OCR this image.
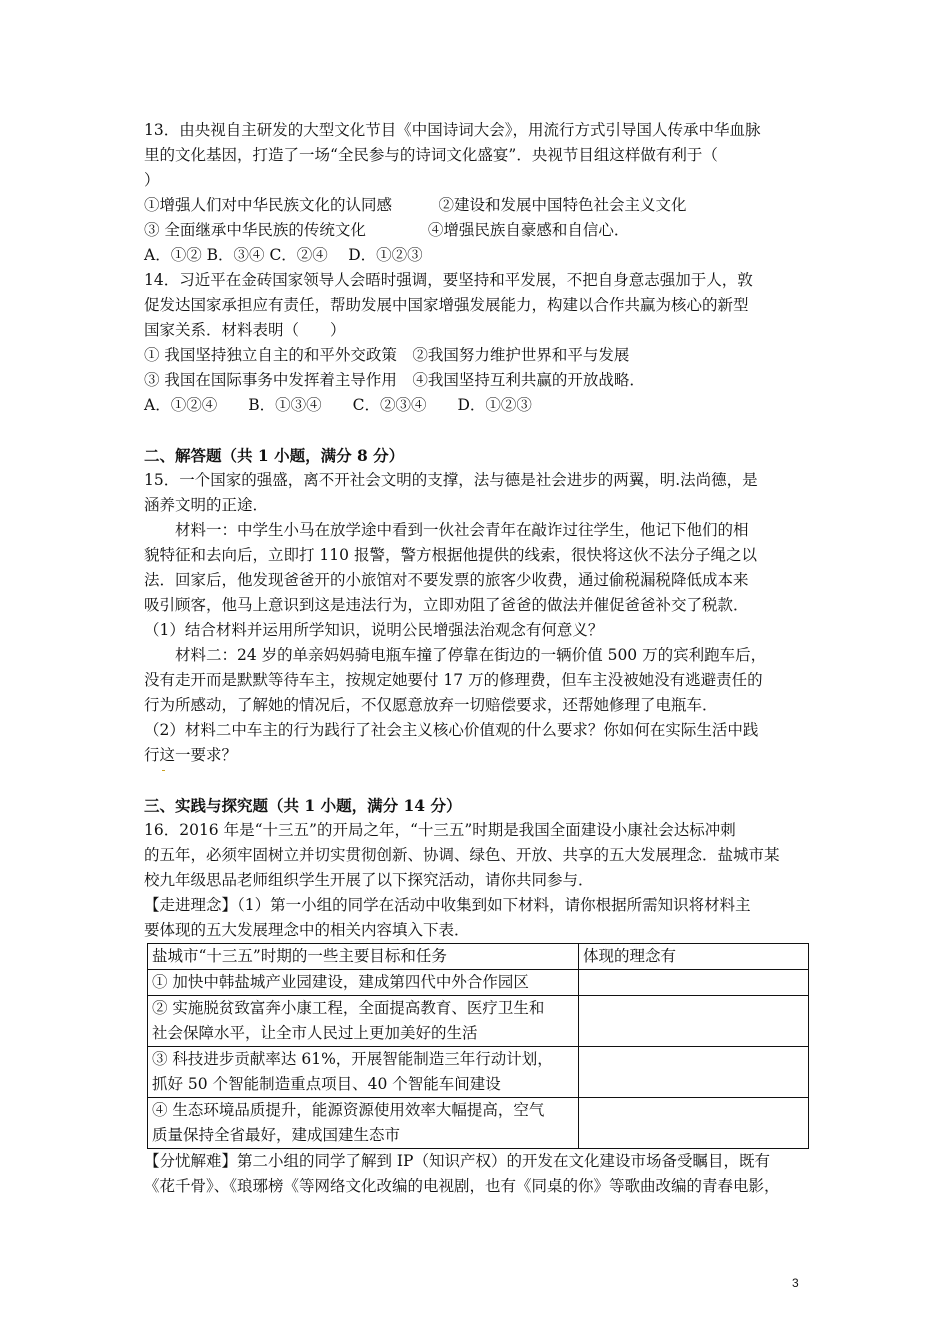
13．由央视自主研发的大型文化节目《中国诗词大会》，用流行方式引导国人传承中华血脉
里的文化基因，打造了一场“全民参与的诗词文化盛宴”．央视节目组这样做有利于（
）
①增强人们对中华民族文化的认同感　　　②建设和发展中国特色社会主义文化
③ 全面继承中华民族的传统文化　　　　④增强民族自豪感和自信心．
A．①② B．③④ C．②④　 D．①②③
14．习近平在金砖国家领导人会晤时强调，要坚持和平发展，不把自身意志强加于人，敦
促发达国家承担应有责任，帮助发展中国家增强发展能力，构建以合作共赢为核心的新型
国家关系．材料表明（　　）
① 我国坚持独立自主的和平外交政策　②我国努力维护世界和平与发展
③ 我国在国际事务中发挥着主导作用　④我国坚持互利共赢的开放战略．
A．①②④　　B．①③④　　C．②③④　　D．①②③
二、解答题（共 1 小题，满分 8 分）
15．一个国家的强盛，离不开社会文明的支撑，法与德是社会进步的两翼，明.法尚德，是
涵养文明的正途．
材料一：中学生小马在放学途中看到一伙社会青年在敲诈过往学生，他记下他们的相
貌特征和去向后，立即打 110 报警，警方根据他提供的线索，很快将这伙不法分子绳之以
法．回家后，他发现爸爸开的小旅馆对不要发票的旅客少收费，通过偷税漏税降低成本来
吸引顾客，他马上意识到这是违法行为，立即劝阻了爸爸的做法并催促爸爸补交了税款．
（1）结合材料并运用所学知识，说明公民增强法治观念有何意义？
材料二：24 岁的单亲妈妈骑电瓶车撞了停靠在街边的一辆价值 500 万的宾利跑车后，
没有走开而是默默等待车主，按规定她要付 17 万的修理费，但车主没被她没有逃避责任的
行为所感动，了解她的情况后，不仅愿意放弃一切赔偿要求，还帮她修理了电瓶车．
（2）材料二中车主的行为践行了社会主义核心价值观的什么要求？你如何在实际生活中践
行这一要求？
三、实践与探究题（共 1 小题，满分 14 分）
16．2016 年是“十三五”的开局之年，“十三五”时期是我国全面建设小康社会达标冲刺
的五年，必须牢固树立并切实贯彻创新、协调、绿色、开放、共享的五大发展理念．盐城市某
校九年级思品老师组织学生开展了以下探究活动，请你共同参与．
【走进理念】（1）第一小组的同学在活动中收集到如下材料，请你根据所需知识将材料主
要体现的五大发展理念中的相关内容填入下表．
盐城市“十三五”时期的一些主要目标和任务	体现的理念有

① 加快中韩盐城产业园建设，建成第四代中外合作园区	

② 实施脱贫致富奔小康工程，全面提高教育、医疗卫生和
社会保障水平，让全市人民过上更加美好的生活	

③ 科技进步贡献率达 61%，开展智能制造三年行动计划，
抓好 50 个智能制造重点项目、40 个智能车间建设	

④ 生态环境品质提升，能源资源使用效率大幅提高，空气
质量保持全省最好，建成国建生态市	

【分忧解难】第二小组的同学了解到 IP（知识产权）的开发在文化建设市场备受瞩目，既有
《花千骨》、《琅琊榜《等网络文化改编的电视剧，也有《同桌的你》等歌曲改编的青春电影，
3
